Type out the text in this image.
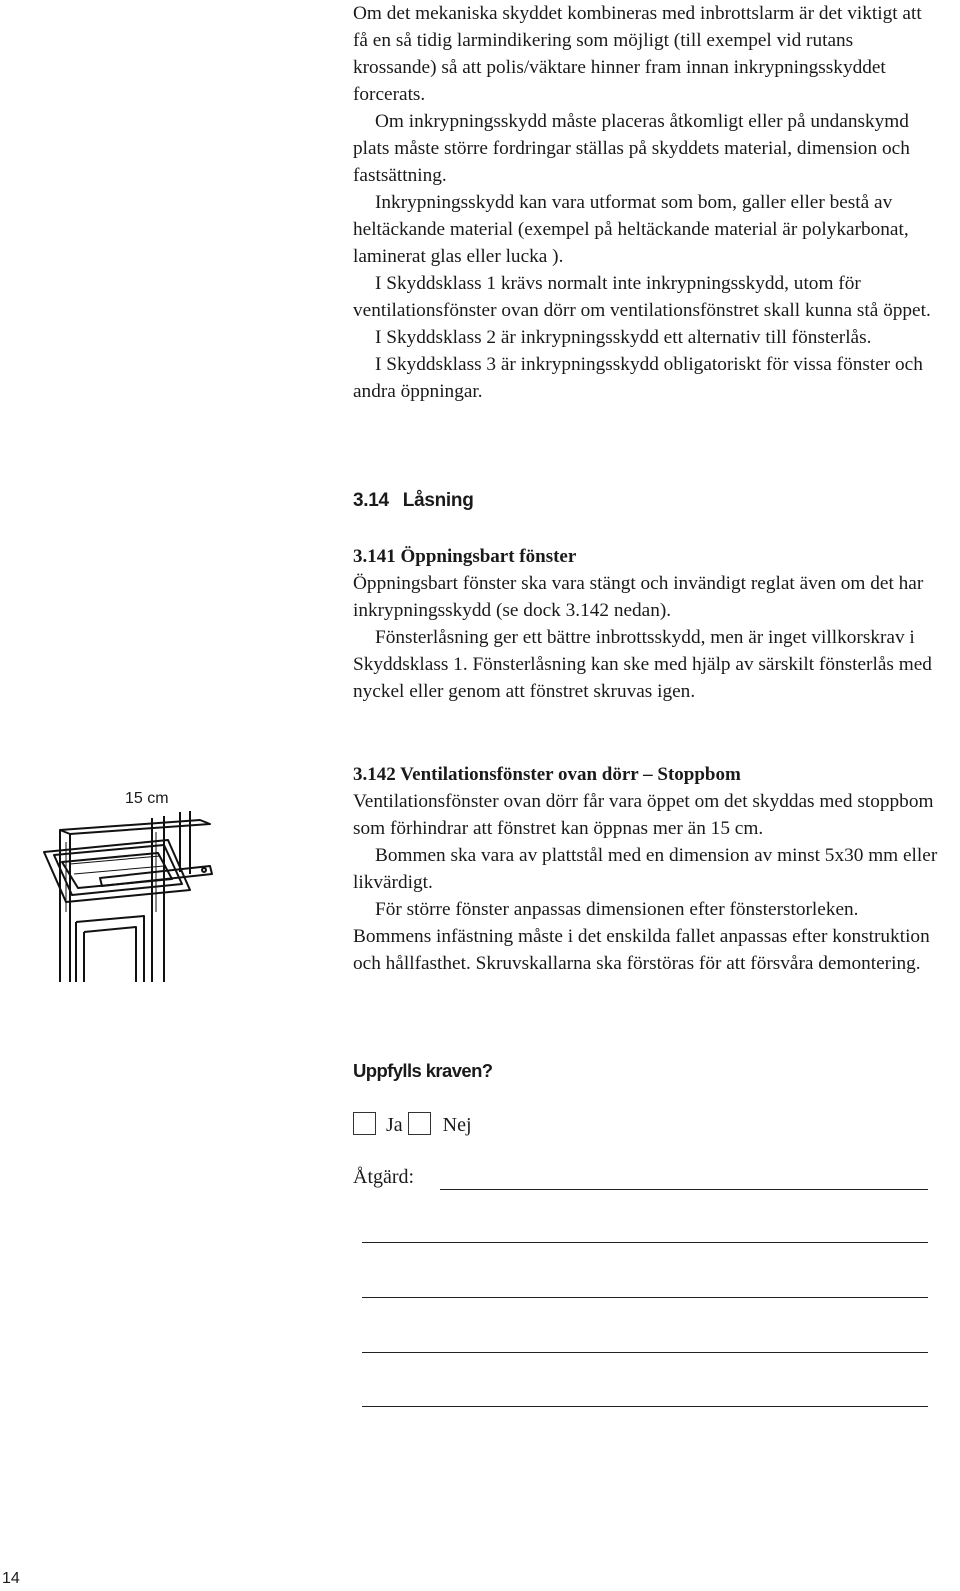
Om det mekaniska skyddet kombineras med inbrottslarm är det viktigt att få en så tidig larmindikering som möjligt (till exempel vid rutans krossande) så att polis/väktare hinner fram innan inkrypningsskyddet forcerats.

Om inkrypningsskydd måste placeras åtkomligt eller på undanskymd plats måste större fordringar ställas på skyddets material, dimension och fastsättning.

Inkrypningsskydd kan vara utformat som bom, galler eller bestå av heltäckande material (exempel på heltäckande material är polykarbonat, laminerat glas eller lucka ).

I Skyddsklass 1 krävs normalt inte inkrypningsskydd, utom för ventilationsfönster ovan dörr om ventilationsfönstret skall kunna stå öppet.

I Skyddsklass 2 är inkrypningsskydd ett alternativ till fönsterlås.

I Skyddsklass 3 är inkrypningsskydd obligatoriskt för vissa fönster och andra öppningar.

3.14 Låsning

3.141 Öppningsbart fönster

Öppningsbart fönster ska vara stängt och invändigt reglat även om det har inkrypningsskydd (se dock 3.142 nedan).

Fönsterlåsning ger ett bättre inbrottsskydd, men är inget villkorskrav i Skyddsklass 1. Fönsterlåsning kan ske med hjälp av särskilt fönsterlås med nyckel eller genom att fönstret skruvas igen.

3.142 Ventilationsfönster ovan dörr – Stoppbom

Ventilationsfönster ovan dörr får vara öppet om det skyddas med stoppbom som förhindrar att fönstret kan öppnas mer än 15 cm.

Bommen ska vara av plattstål med en dimension av minst 5x30 mm eller likvärdigt.

För större fönster anpassas dimensionen efter fönsterstorleken. Bommens infästning måste i det enskilda fallet anpassas efter konstruktion och hållfasthet. Skruvskallarna ska förstöras för att försvåra demontering.

15 cm
Uppfylls kraven?
Ja Nej
Åtgärd:
14
